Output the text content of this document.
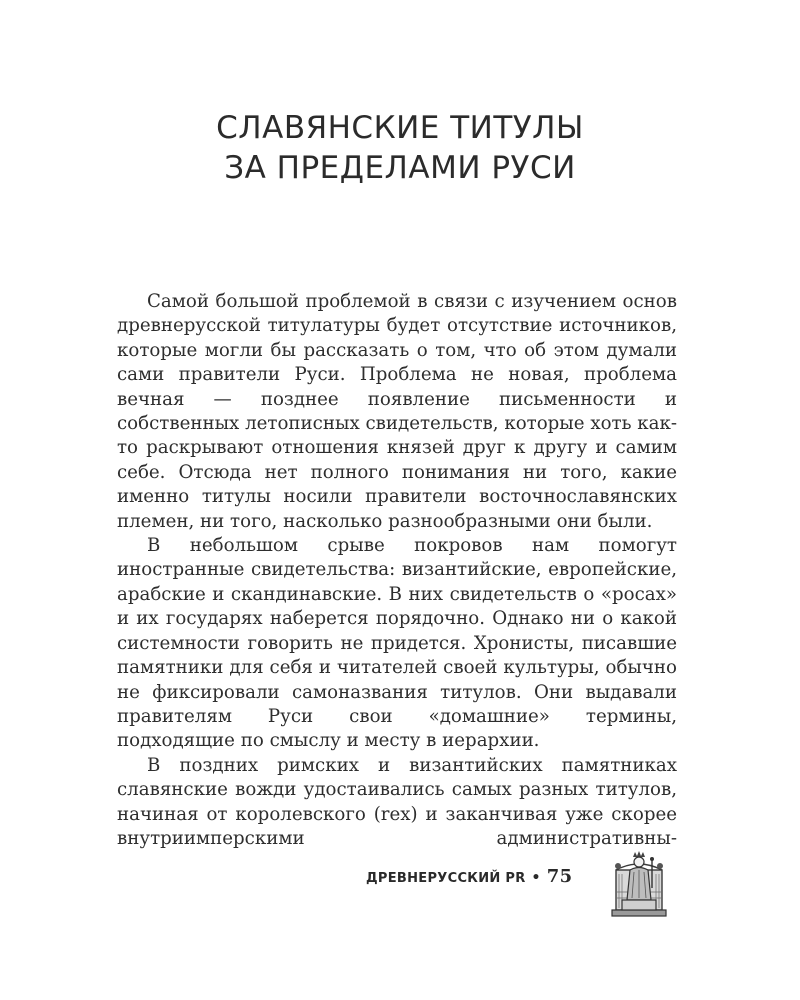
СЛАВЯНСКИЕ ТИТУЛЫ
ЗА ПРЕДЕЛАМИ РУСИ

Самой большой проблемой в связи с изучением основ древнерусской титулатуры будет отсутствие источников, которые могли бы рассказать о том, что об этом думали сами правители Руси. Проблема не новая, проблема вечная — позднее появление письменности и собственных летописных свидетельств, которые хоть как-то раскрывают отношения князей друг к другу и самим себе. Отсюда нет полного понимания ни того, какие именно титулы носили правители восточнославянских племен, ни того, насколько разнообразными они были.

В небольшом срыве покровов нам помогут иностранные свидетельства: византийские, европейские, арабские и скандинавские. В них свидетельств о «росах» и их государях наберется порядочно. Однако ни о какой системности говорить не придется. Хронисты, писавшие памятники для себя и читателей своей культуры, обычно не фиксировали самоназвания титулов. Они выдавали правителям Руси свои «домашние» термины, подходящие по смыслу и месту в иерархии.

В поздних римских и византийских памятниках славянские вожди удостаивались самых разных титулов, начиная от королевского (rex) и заканчивая уже скорее внутриимперскими административны-

ДРЕВНЕРУССКИЙ PR • 75
